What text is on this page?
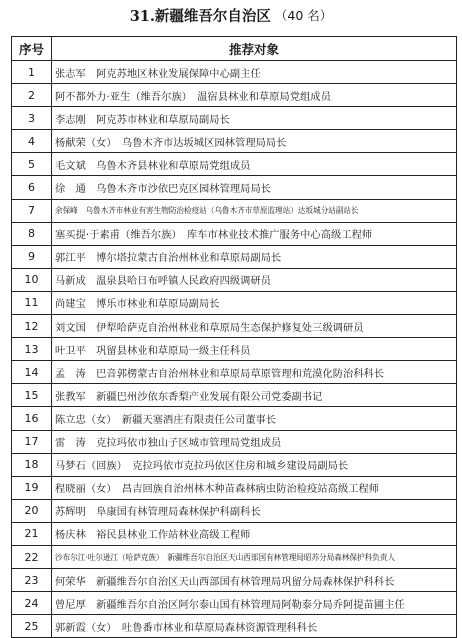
31.新疆维吾尔自治区 （40 名）
序号	推荐对象
1	张志军　阿克苏地区林业发展保障中心副主任
2	阿不都外力·亚生（维吾尔族）　温宿县林业和草原局党组成员
3	李志刚　阿克苏市林业和草原局副局长
4	杨献荣（女）　乌鲁木齐市达坂城区园林管理局局长
5	毛文斌　乌鲁木齐县林业和草原局党组成员
6	徐　通　乌鲁木齐市沙依巴克区园林管理局局长
7	余保峰　乌鲁木齐市林业有害生物防治检疫站（乌鲁木齐市草原监理站）达坂城分站副站长
8	塞买提·于素甫（维吾尔族）　库车市林业技术推广服务中心高级工程师
9	郭江平　博尔塔拉蒙古自治州林业和草原局副局长
10	马新成　温泉县哈日布呼镇人民政府四级调研员
11	尚建宝　博乐市林业和草原局副局长
12	刘文国　伊犁哈萨克自治州林业和草原局生态保护修复处三级调研员
13	叶卫平　巩留县林业和草原局一级主任科员
14	孟　涛　巴音郭楞蒙古自治州林业和草原局草原管理和荒漠化防治科科长
15	张教军　新疆巴州沙依东香梨产业发展有限公司党委副书记
16	陈立忠（女）　新疆天塞酒庄有限责任公司董事长
17	雷　涛　克拉玛依市独山子区城市管理局党组成员
18	马梦石（回族）　克拉玛依市克拉玛依区住房和城乡建设局副局长
19	程晓丽（女）　昌吉回族自治州林木种苗森林病虫防治检疫站高级工程师
20	苏辉明　阜康国有林管理局森林保护科副科长
21	杨庆林　裕民县林业工作站林业高级工程师
22	沙布尔江·吐尔逊江（哈萨克族）　新疆维吾尔自治区天山西部国有林管理局昭苏分局森林保护科负责人
23	何荣华　新疆维吾尔自治区天山西部国有林管理局巩留分局森林保护科科长
24	曾尼厚　新疆维吾尔自治区阿尔泰山国有林管理局阿勒泰分局乔阿提苗圃主任
25	郭新霞（女）　吐鲁番市林业和草原局森林资源管理科科长
